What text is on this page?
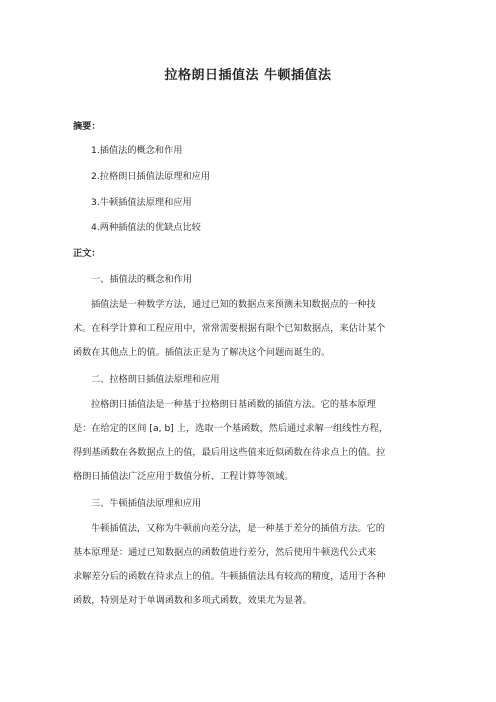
拉格朗日插值法 牛顿插值法
摘要：
1.插值法的概念和作用
2.拉格朗日插值法原理和应用
3.牛顿插值法原理和应用
4.两种插值法的优缺点比较
正文：
一、插值法的概念和作用
插值法是一种数学方法，通过已知的数据点来预测未知数据点的一种技
术。在科学计算和工程应用中，常常需要根据有限个已知数据点，来估计某个
函数在其他点上的值。插值法正是为了解决这个问题而诞生的。
二、拉格朗日插值法原理和应用
拉格朗日插值法是一种基于拉格朗日基函数的插值方法。它的基本原理
是：在给定的区间 [a, b] 上，选取一个基函数，然后通过求解一组线性方程，
得到基函数在各数据点上的值，最后用这些值来近似函数在待求点上的值。拉
格朗日插值法广泛应用于数值分析、工程计算等领域。
三、牛顿插值法原理和应用
牛顿插值法，又称为牛顿前向差分法，是一种基于差分的插值方法。它的
基本原理是：通过已知数据点的函数值进行差分，然后使用牛顿迭代公式来
求解差分后的函数在待求点上的值。牛顿插值法具有较高的精度，适用于各种
函数，特别是对于单调函数和多项式函数，效果尤为显著。
